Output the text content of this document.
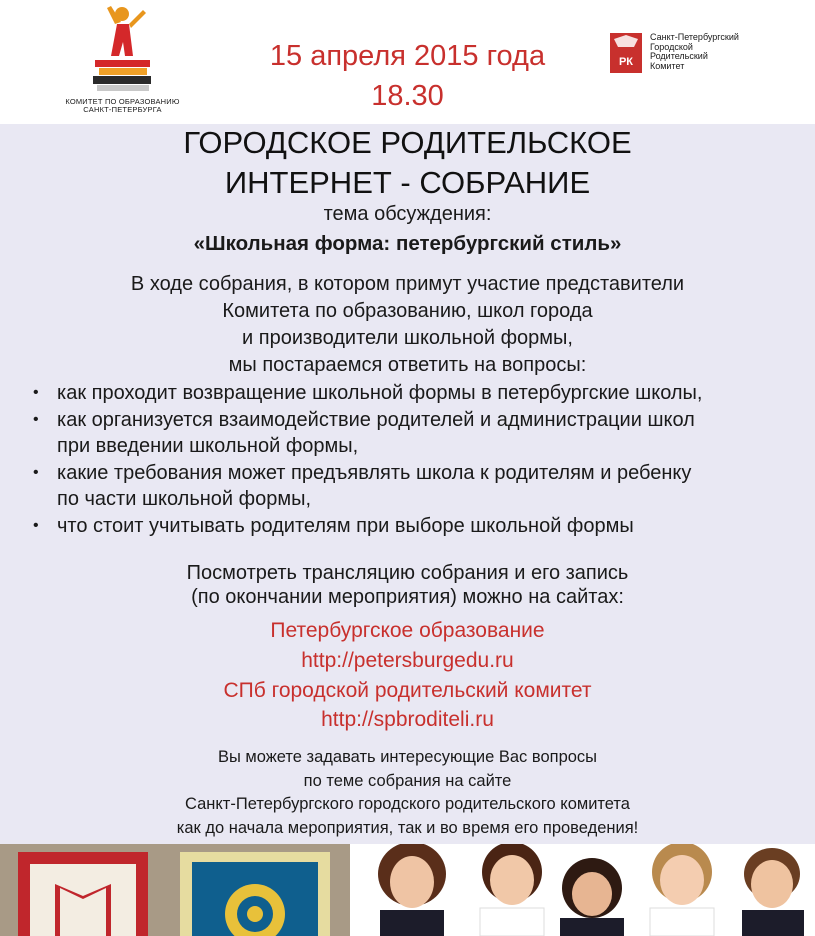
КОМИТЕТ ПО ОБРАЗОВАНИЮ
САНКТ-ПЕТЕРБУРГА
15 апреля 2015 года
18.30
РК
Санкт-Петербургский
Городской
Родительский
Комитет
ГОРОДСКОЕ РОДИТЕЛЬСКОЕ
ИНТЕРНЕТ - СОБРАНИЕ
тема обсуждения:
«Школьная форма: петербургский стиль»
В ходе собрания, в котором примут участие представители
Комитета по образованию, школ города
и производители школьной формы,
мы постараемся ответить на вопросы:
• как проходит возвращение школьной формы в петербургские школы,
• как организуется взаимодействие родителей и администрации школ
при введении школьной формы,
• какие требования может предъявлять школа к родителям и ребенку
по части школьной формы,
• что стоит учитывать родителям при выборе школьной формы
Посмотреть трансляцию собрания и его запись
(по окончании мероприятия) можно на сайтах:
Петербургское образование
http://petersburgedu.ru
СПб городской родительский комитет
http://spbroditeli.ru
Вы можете задавать интересующие Вас вопросы
по теме собрания на сайте
Санкт-Петербургского городского родительского комитета
как до начала мероприятия, так и во время его проведения!
